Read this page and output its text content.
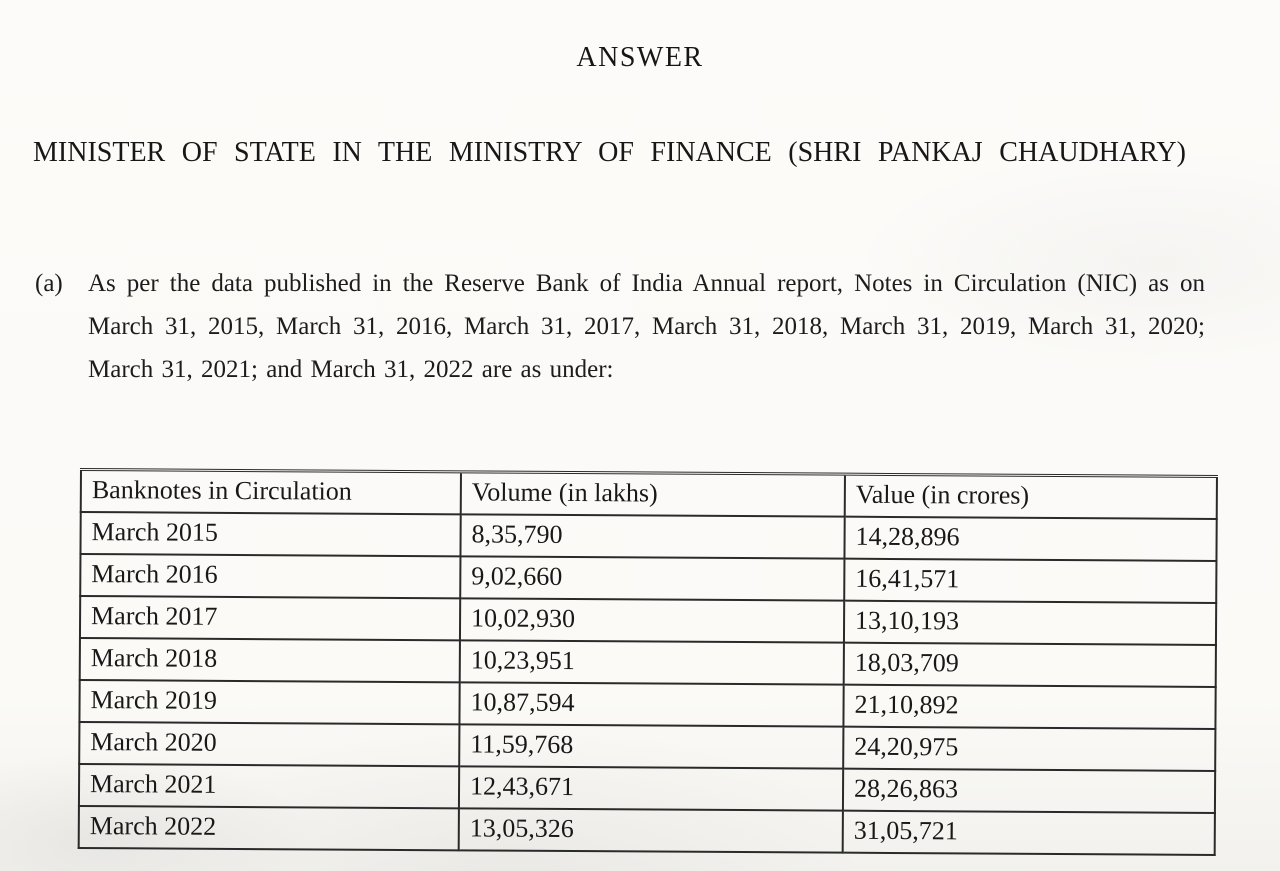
ANSWER
MINISTER OF STATE IN THE MINISTRY OF FINANCE (SHRI PANKAJ CHAUDHARY)
(a) As per the data published in the Reserve Bank of India Annual report, Notes in Circulation (NIC) as on March 31, 2015, March 31, 2016, March 31, 2017, March 31, 2018, March 31, 2019, March 31, 2020; March 31, 2021; and March 31, 2022 are as under:
Banknotes in Circulation	Volume (in lakhs)	Value (in crores)
March 2015	8,35,790	14,28,896
March 2016	9,02,660	16,41,571
March 2017	10,02,930	13,10,193
March 2018	10,23,951	18,03,709
March 2019	10,87,594	21,10,892
March 2020	11,59,768	24,20,975
March 2021	12,43,671	28,26,863
March 2022	13,05,326	31,05,721
